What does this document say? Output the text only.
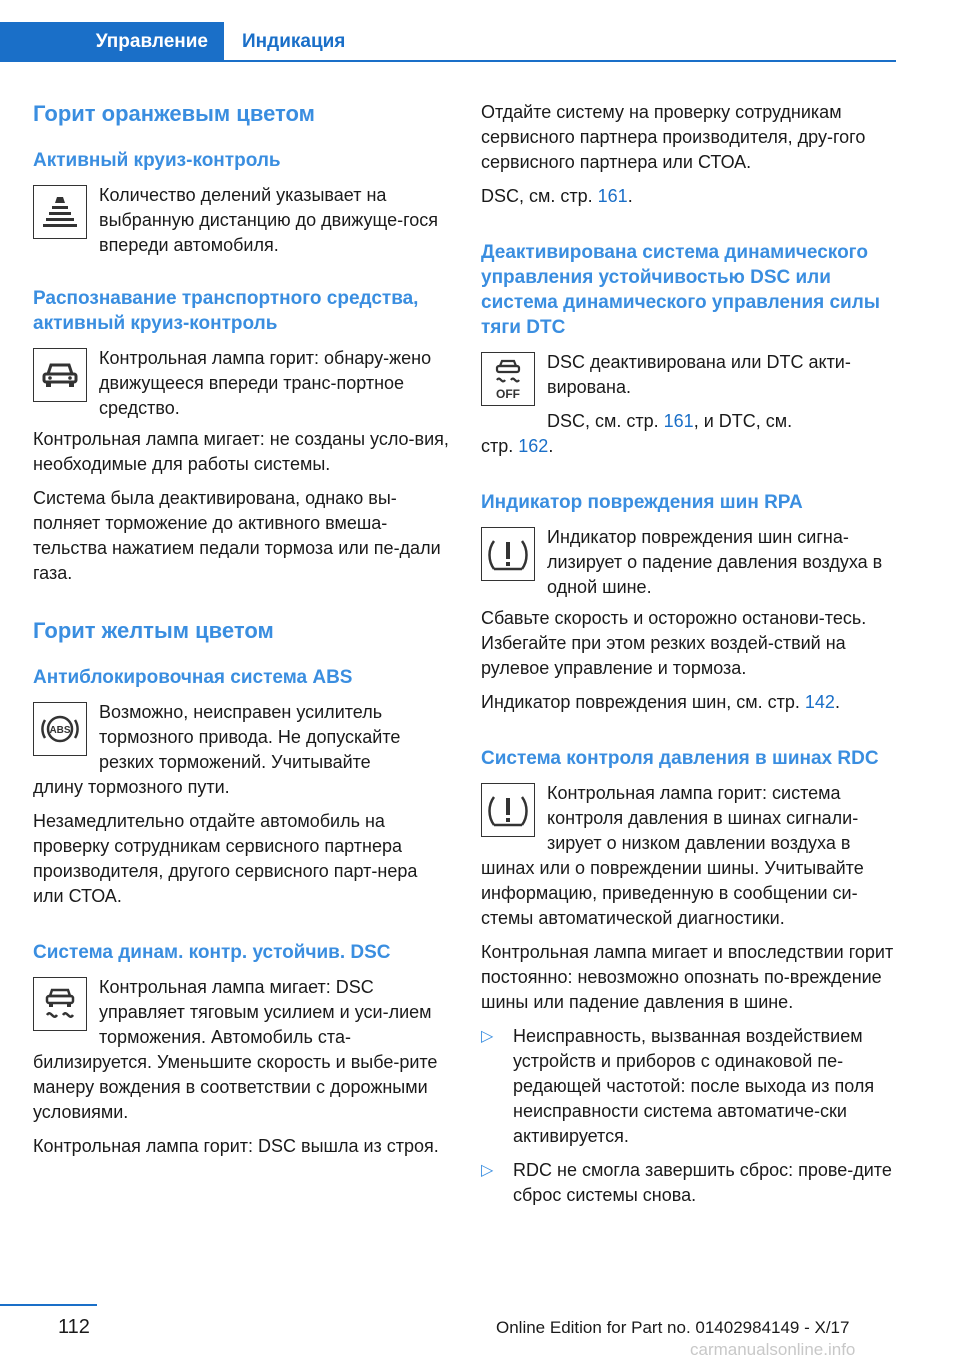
Управление	Индикация
Горит оранжевым цветом
Активный круиз-контроль

Количество делений указывает на выбранную дистанцию до движуще-гося впереди автомобиля.

Распознавание транспортного средства, активный круиз-контроль

Контрольная лампа горит: обнару-жено движущееся впереди транс-портное средство.

Контрольная лампа мигает: не созданы усло-вия, необходимые для работы системы.

Система была деактивирована, однако вы-полняет торможение до активного вмеша-тельства нажатием педали тормоза или пе-дали газа.

Горит желтым цветом
Антиблокировочная система ABS
ABS

Возможно, неисправен усилитель тормозного привода. Не допускайте резких торможений. Учитывайте

длину тормозного пути.

Незамедлительно отдайте автомобиль на проверку сотрудникам сервисного партнера производителя, другого сервисного парт-нера или СТОА.

Система динам. контр. устойчив. DSC

Контрольная лампа мигает: DSC управляет тяговым усилием и уси-лием торможения. Автомобиль ста-

билизируется. Уменьшите скорость и выбе-рите манеру вождения в соответствии с дорожными условиями.

Контрольная лампа горит: DSC вышла из строя.

Отдайте систему на проверку сотрудникам сервисного партнера производителя, дру-гого сервисного партнера или СТОА.

DSC, см. стр. 161.

Деактивирована система динамического управления устойчивостью DSC или система динамического управления силы тяги DTC
OFF

DSC деактивирована или DTC акти-вирована.

DSC, см. стр. 161, и DTC, см.

стр. 162.

Индикатор повреждения шин RPA

Индикатор повреждения шин сигна-лизирует о падение давления воздуха в одной шине.

Сбавьте скорость и осторожно останови-тесь. Избегайте при этом резких воздей-ствий на рулевое управление и тормоза.

Индикатор повреждения шин, см. стр. 142.

Система контроля давления в шинах RDC

Контрольная лампа горит: система контроля давления в шинах сигнали-зирует о низком давлении воздуха в

шинах или о повреждении шины. Учитывайте информацию, приведенную в сообщении си-стемы автоматической диагностики.

Контрольная лампа мигает и впоследствии горит постоянно: невозможно опознать по-вреждение шины или падение давления в шине.

▷	Неисправность, вызванная воздействием устройств и приборов с одинаковой пе-редающей частотой: после выхода из поля неисправности система автоматиче-ски активируется.

▷	RDC не смогла завершить сброс: прове-дите сброс системы снова.

112	Online Edition for Part no. 01402984149 - X/17
carmanualsonline.info
